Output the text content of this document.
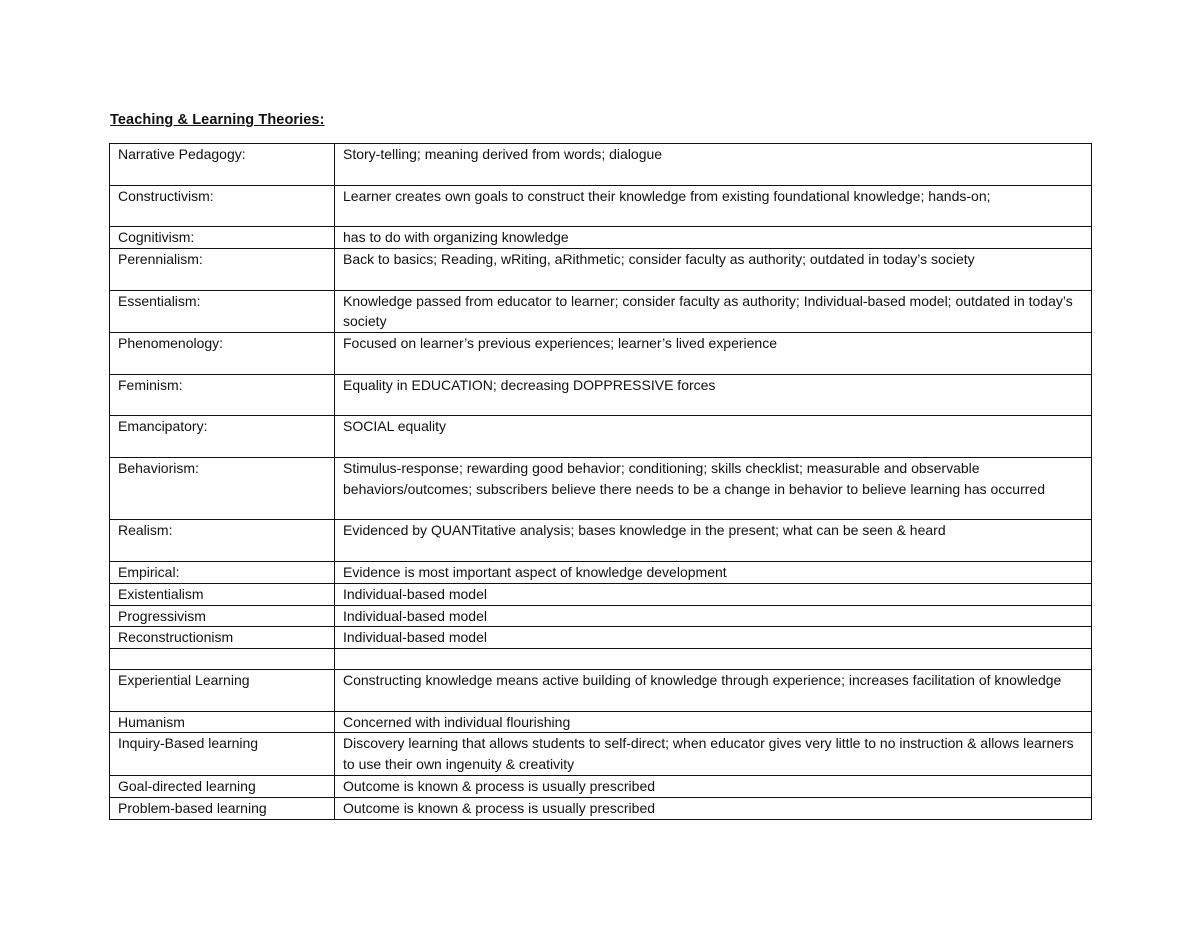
Teaching & Learning Theories:
Narrative Pedagogy:	Story-telling; meaning derived from words; dialogue
Constructivism:	Learner creates own goals to construct their knowledge from existing foundational knowledge; hands-on;
Cognitivism:	has to do with organizing knowledge
Perennialism:	Back to basics; Reading, wRiting, aRithmetic; consider faculty as authority; outdated in today’s society
Essentialism:	Knowledge passed from educator to learner; consider faculty as authority; Individual-based model; outdated in today’s society
Phenomenology:	Focused on learner’s previous experiences; learner’s lived experience
Feminism:	Equality in EDUCATION; decreasing DOPPRESSIVE forces
Emancipatory:	SOCIAL equality
Behaviorism:	Stimulus-response; rewarding good behavior; conditioning; skills checklist; measurable and observable behaviors/outcomes; subscribers believe there needs to be a change in behavior to believe learning has occurred
Realism:	Evidenced by QUANTitative analysis; bases knowledge in the present; what can be seen & heard
Empirical:	Evidence is most important aspect of knowledge development
Existentialism	Individual-based model
Progressivism	Individual-based model
Reconstructionism	Individual-based model

Experiential Learning	Constructing knowledge means active building of knowledge through experience; increases facilitation of knowledge
Humanism	Concerned with individual flourishing
Inquiry-Based learning	Discovery learning that allows students to self-direct; when educator gives very little to no instruction & allows learners to use their own ingenuity & creativity
Goal-directed learning	Outcome is known & process is usually prescribed
Problem-based learning	Outcome is known & process is usually prescribed
